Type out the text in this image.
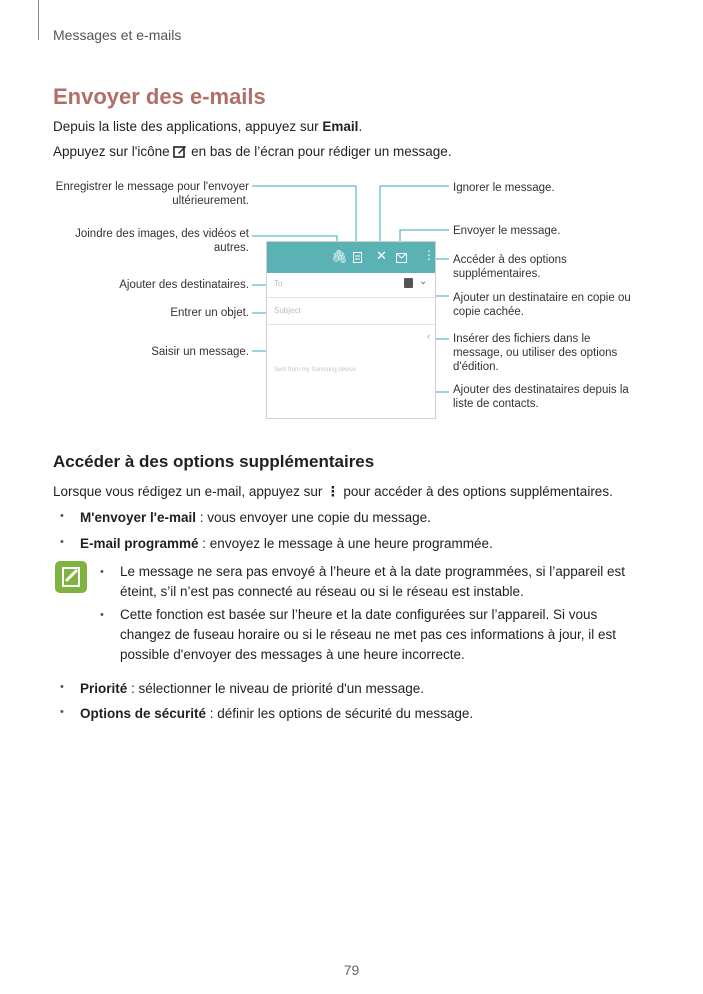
Messages et e-mails
Envoyer des e-mails
Depuis la liste des applications, appuyez sur Email.
Appuyez sur l'icône  en bas de l’écran pour rédiger un message.
Enregistrer le message pour l'envoyer ultérieurement.
Joindre des images, des vidéos et autres.
Ajouter des destinataires.
Entrer un objet.
Saisir un message.
Ignorer le message.
Envoyer le message.
Accéder à des options supplémentaires.
Ajouter un destinataire en copie ou copie cachée.
Insérer des fichiers dans le message, ou utiliser des options d'édition.
Ajouter des destinataires depuis la liste de contacts.
🖇︎ ✕	⋮
To	⌄
Subject
‹
Sent from my Samsung device
Accéder à des options supplémentaires
Lorsque vous rédigez un e-mail, appuyez sur ⋮ pour accéder à des options supplémentaires.
• M'envoyer l'e-mail : vous envoyer une copie du message.
• E-mail programmé : envoyez le message à une heure programmée.
• Le message ne sera pas envoyé à l’heure et à la date programmées, si l’appareil est éteint, s’il n’est pas connecté au réseau ou si le réseau est instable.
• Cette fonction est basée sur l’heure et la date configurées sur l’appareil. Si vous changez de fuseau horaire ou si le réseau ne met pas ces informations à jour, il est possible d'envoyer des messages à une heure incorrecte.
• Priorité : sélectionner le niveau de priorité d'un message.
• Options de sécurité : définir les options de sécurité du message.
79
